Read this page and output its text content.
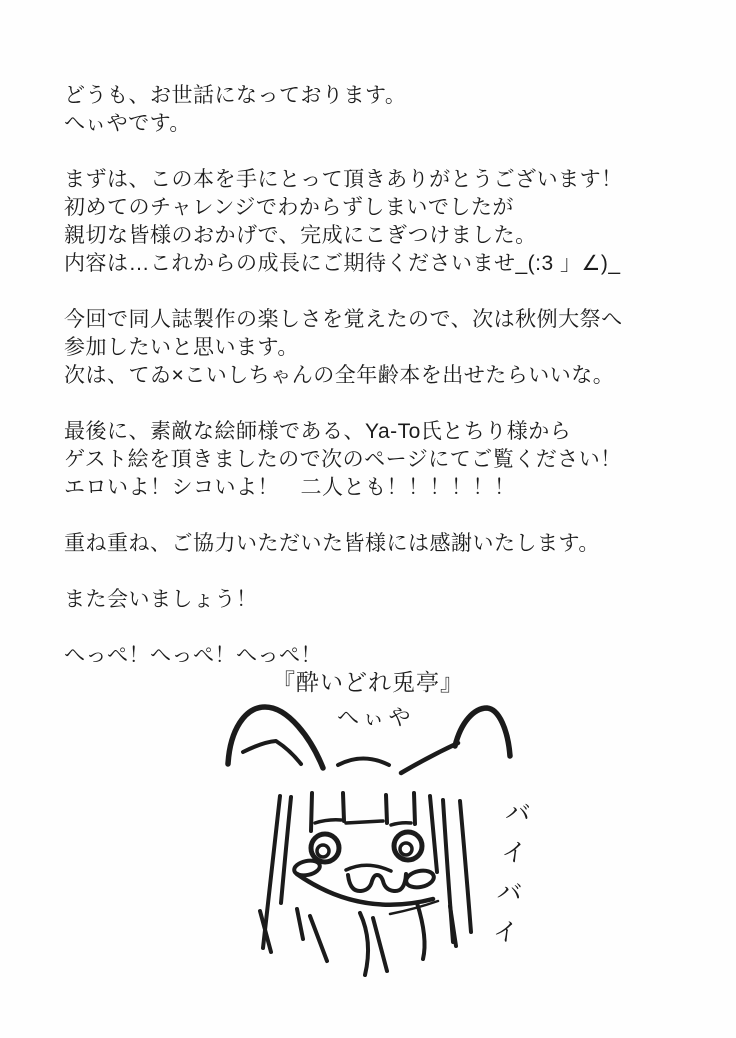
どうも、お世話になっております。
へぃやです。

まずは、この本を手にとって頂きありがとうございます！
初めてのチャレンジでわからずしまいでしたが
親切な皆様のおかげで、完成にこぎつけました。
内容は…これからの成長にご期待くださいませ_(:3 」∠)_

今回で同人誌製作の楽しさを覚えたので、次は秋例大祭へ
参加したいと思います。
次は、てゐ×こいしちゃんの全年齢本を出せたらいいな。

最後に、素敵な絵師様である、Ya-To氏とちり様から
ゲスト絵を頂きましたので次のページにてご覧ください！
エロいよ！シコいよ！　二人とも！！！！！！

重ね重ね、ご協力いただいた皆様には感謝いたします。

また会いましょう！

へっぺ！へっぺ！へっぺ！

『酔いどれ兎亭』
へぃや
バイバイ
